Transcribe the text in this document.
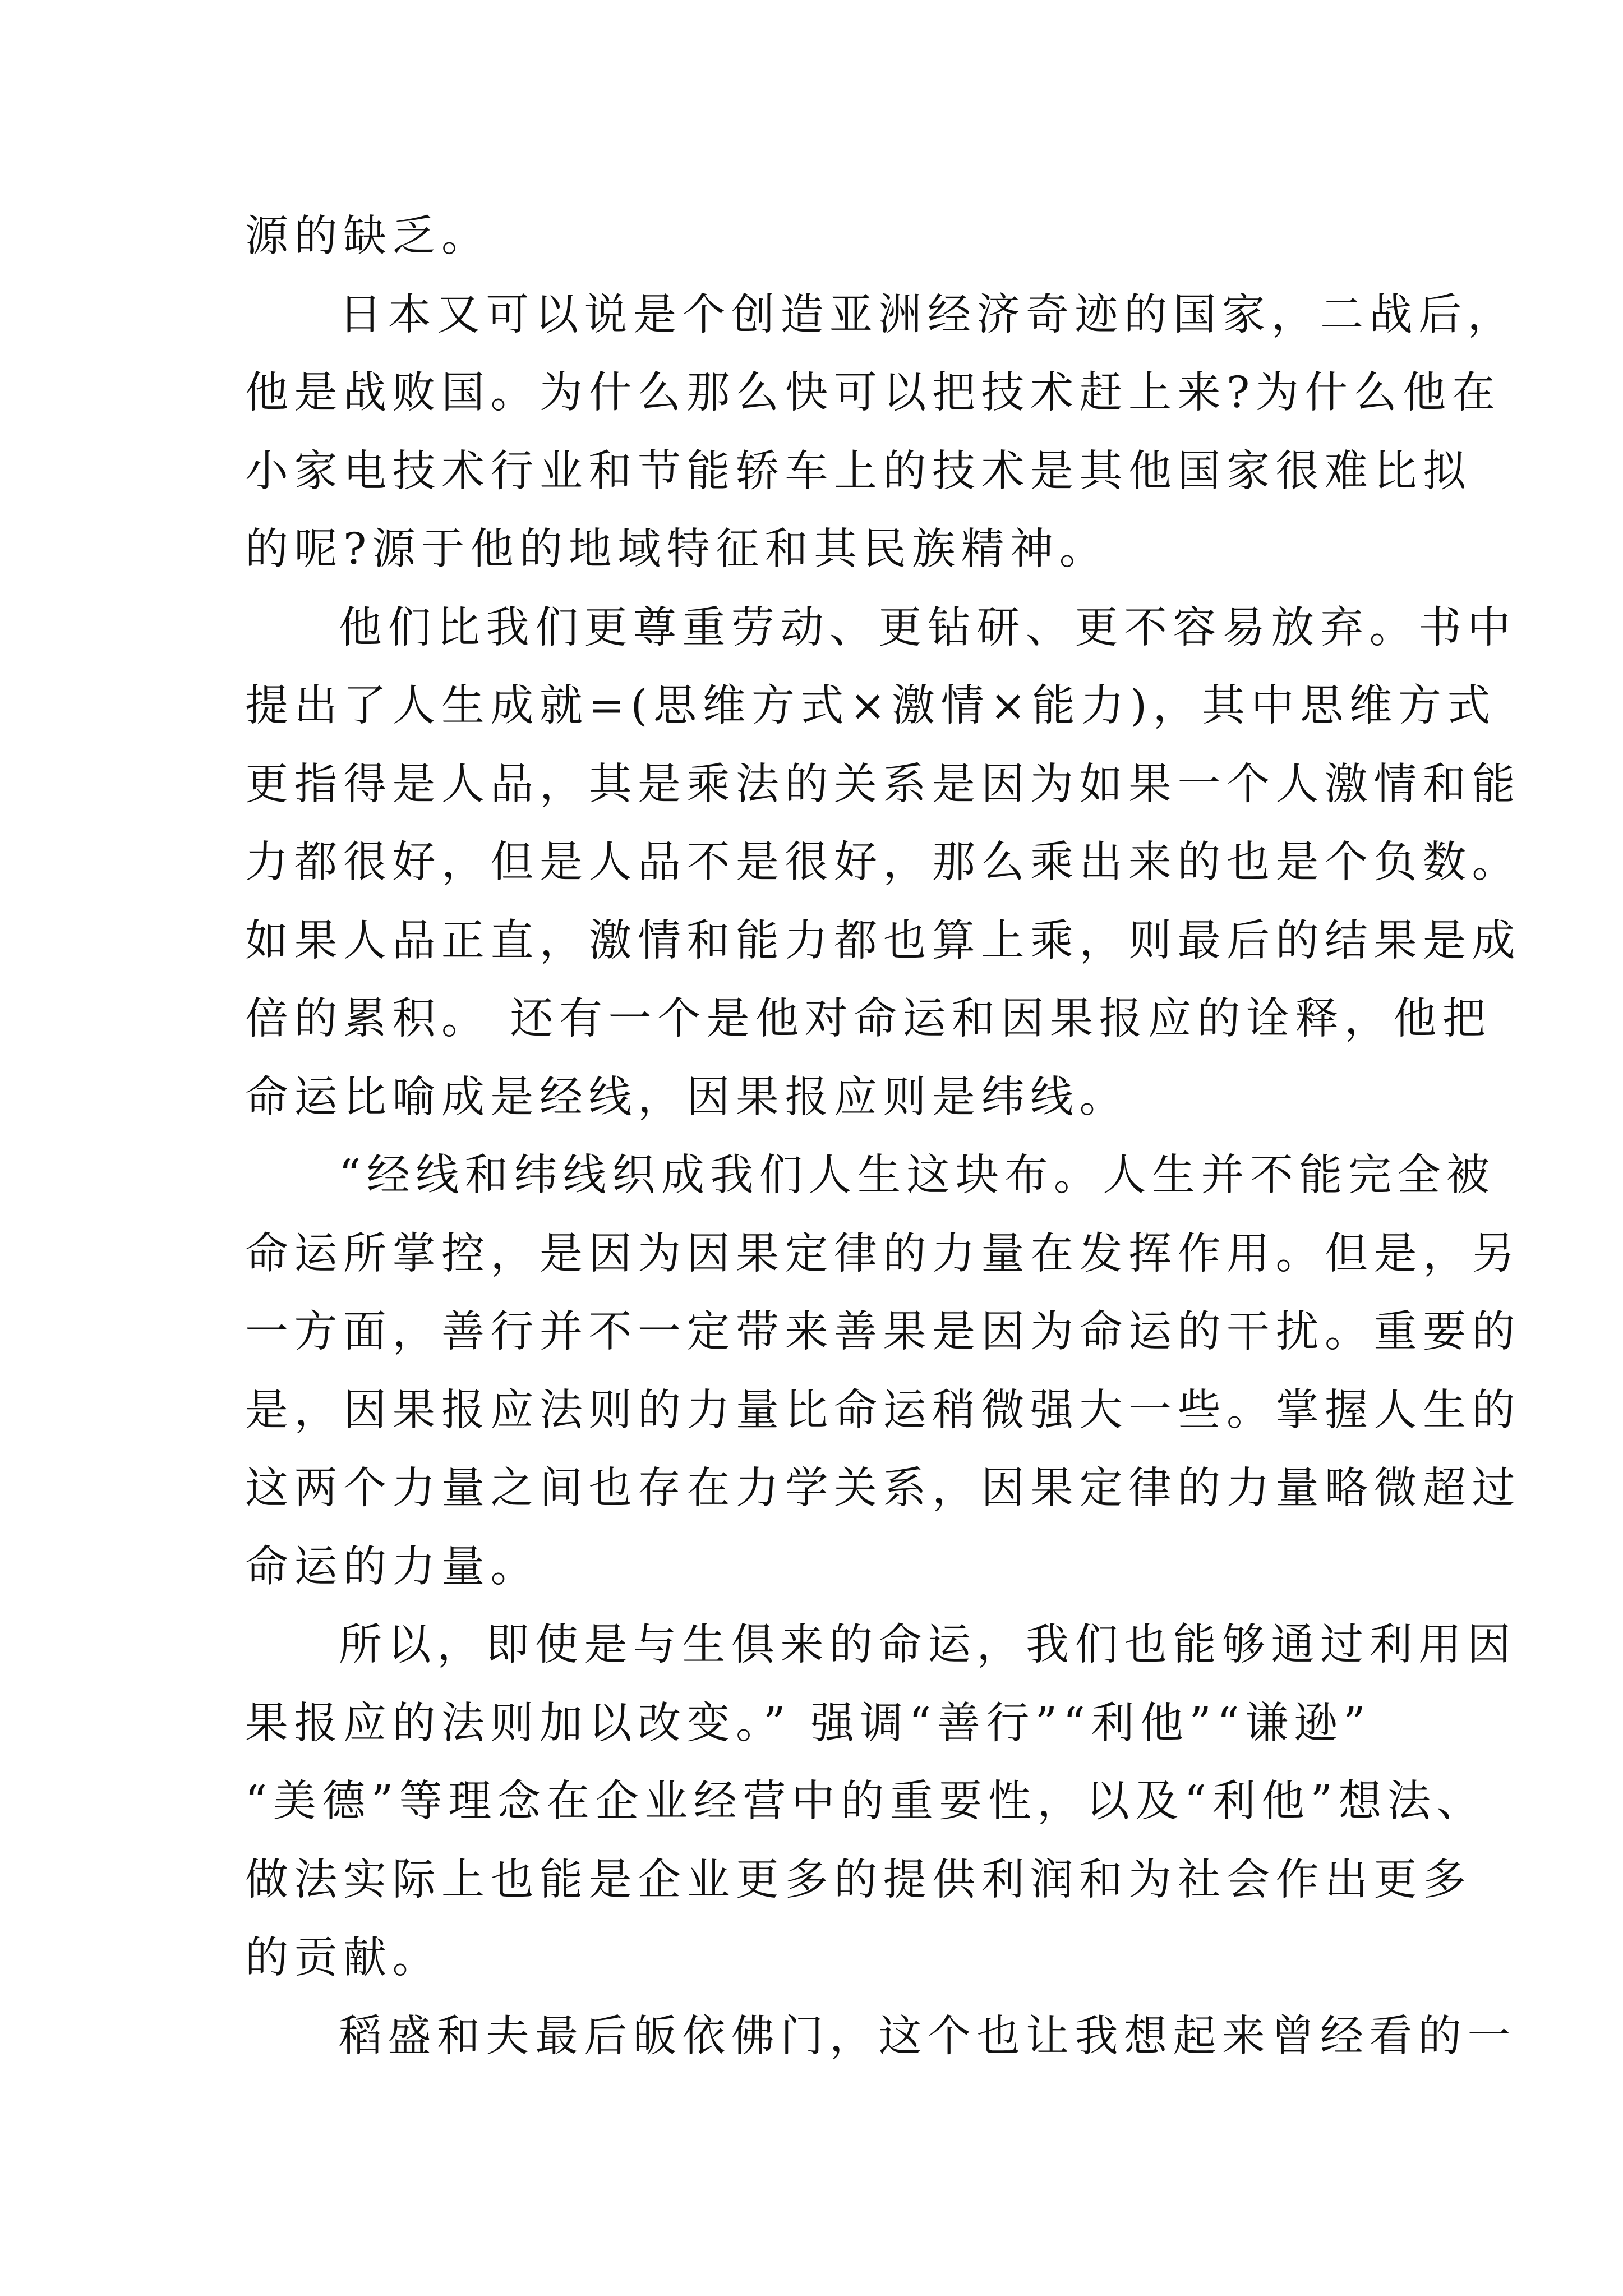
源的缺乏。
日本又可以说是个创造亚洲经济奇迹的国家，二战后，
他是战败国。为什么那么快可以把技术赶上来?为什么他在
小家电技术行业和节能轿车上的技术是其他国家很难比拟
的呢?源于他的地域特征和其民族精神。
他们比我们更尊重劳动、更钻研、更不容易放弃。书中
提出了人生成就=(思维方式×激情×能力)，其中思维方式
更指得是人品，其是乘法的关系是因为如果一个人激情和能
力都很好，但是人品不是很好，那么乘出来的也是个负数。
如果人品正直，激情和能力都也算上乘，则最后的结果是成
倍的累积。 还有一个是他对命运和因果报应的诠释，他把
命运比喻成是经线，因果报应则是纬线。
“经线和纬线织成我们人生这块布。人生并不能完全被
命运所掌控，是因为因果定律的力量在发挥作用。但是，另
一方面，善行并不一定带来善果是因为命运的干扰。重要的
是，因果报应法则的力量比命运稍微强大一些。掌握人生的
这两个力量之间也存在力学关系，因果定律的力量略微超过
命运的力量。
所以，即使是与生俱来的命运，我们也能够通过利用因
果报应的法则加以改变。” 强调“善行”“利他”“谦逊”
“美德”等理念在企业经营中的重要性，以及“利他”想法、
做法实际上也能是企业更多的提供利润和为社会作出更多
的贡献。
稻盛和夫最后皈依佛门，这个也让我想起来曾经看的一
